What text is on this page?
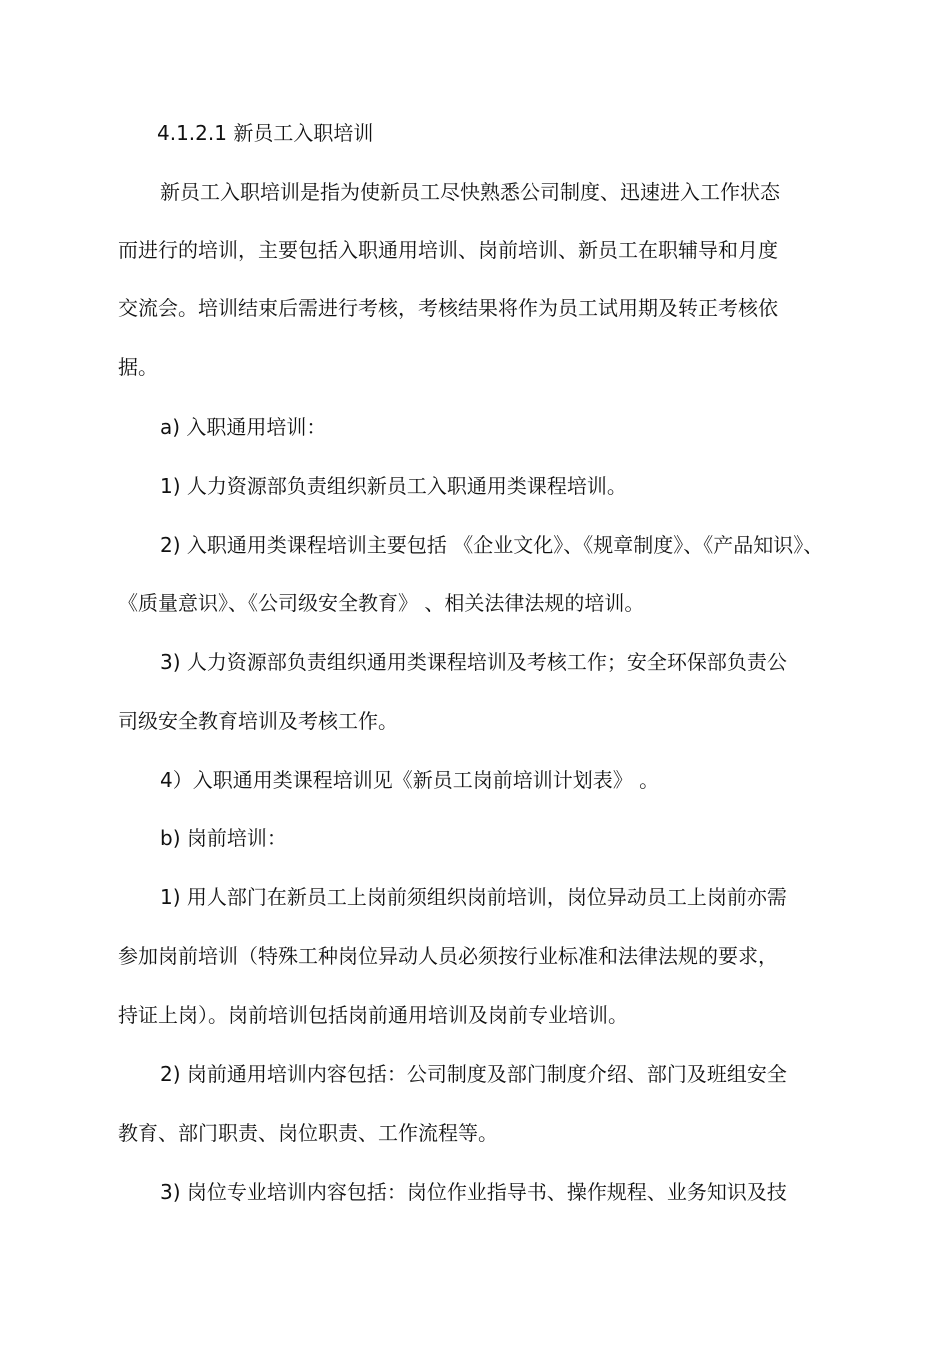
4.1.2.1 新员工入职培训
新员工入职培训是指为使新员工尽快熟悉公司制度、迅速进入工作状态
而进行的培训，主要包括入职通用培训、岗前培训、新员工在职辅导和月度
交流会。培训结束后需进行考核，考核结果将作为员工试用期及转正考核依
据。
a) 入职通用培训：
1) 人力资源部负责组织新员工入职通用类课程培训。
2) 入职通用类课程培训主要包括 《企业文化》、《规章制度》、《产品知识》、
《质量意识》、《公司级安全教育》 、相关法律法规的培训。
3) 人力资源部负责组织通用类课程培训及考核工作；安全环保部负责公
司级安全教育培训及考核工作。
4）入职通用类课程培训见《新员工岗前培训计划表》 。
b) 岗前培训：
1) 用人部门在新员工上岗前须组织岗前培训，岗位异动员工上岗前亦需
参加岗前培训（特殊工种岗位异动人员必须按行业标准和法律法规的要求，
持证上岗）。岗前培训包括岗前通用培训及岗前专业培训。
2) 岗前通用培训内容包括：公司制度及部门制度介绍、部门及班组安全
教育、部门职责、岗位职责、工作流程等。
3) 岗位专业培训内容包括：岗位作业指导书、操作规程、业务知识及技
